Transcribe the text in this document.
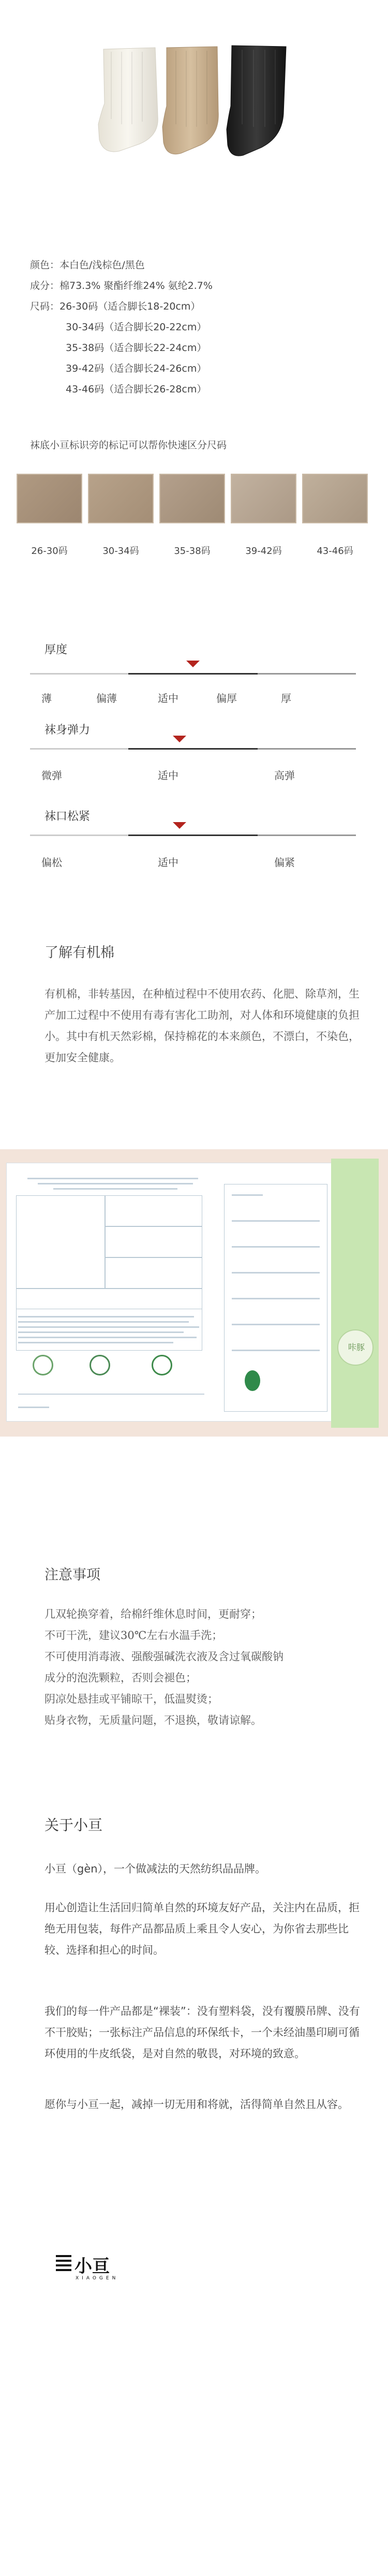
颜色：本白色/浅棕色/黑色
成分：棉73.3% 聚酯纤维24% 氨纶2.7%
尺码：26-30码（适合脚长18-20cm）
30-34码（适合脚长20-22cm）
35-38码（适合脚长22-24cm）
39-42码（适合脚长24-26cm）
43-46码（适合脚长26-28cm）
袜底小亘标识旁的标记可以帮你快速区分尺码
26-30码	30-34码	35-38码	39-42码	43-46码
厚度
薄	偏薄	适中	偏厚	厚
袜身弹力
微弹	适中	高弹
袜口松紧
偏松	适中	偏紧
了解有机棉
有机棉，非转基因，在种植过程中不使用农药、化肥、除草剂，生产加工过程中不使用有毒有害化工助剂，对人体和环境健康的负担小。其中有机天然彩棉，保持棉花的本来颜色，不漂白，不染色，更加安全健康。
咔豚
注意事项
几双轮换穿着，给棉纤维休息时间，更耐穿；
不可干洗，建议30℃左右水温手洗；
不可使用消毒液、强酸强碱洗衣液及含过氧碳酸钠
成分的泡洗颗粒，否则会褪色；
阴凉处悬挂或平铺晾干，低温熨烫；
贴身衣物，无质量问题，不退换，敬请谅解。
关于小亘
小亘（gèn），一个做减法的天然纺织品品牌。
用心创造让生活回归简单自然的环境友好产品，关注内在品质，拒绝无用包装，每件产品都品质上乘且令人安心，为你省去那些比较、选择和担心的时间。
我们的每一件产品都是“裸装”：没有塑料袋，没有覆膜吊牌、没有不干胶贴；一张标注产品信息的环保纸卡，一个未经油墨印刷可循环使用的牛皮纸袋，是对自然的敬畏，对环境的致意。
愿你与小亘一起，减掉一切无用和将就，活得简单自然且从容。
小亘
XIAOGEN
